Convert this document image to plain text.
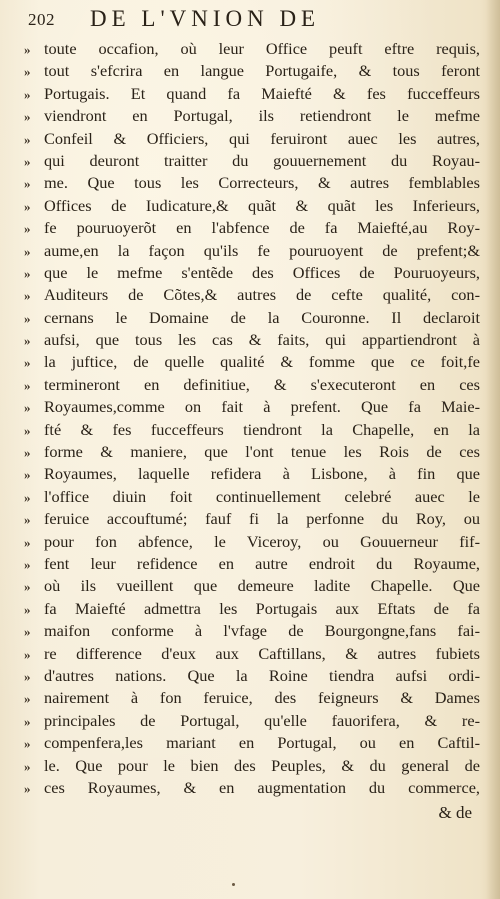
202 DE L'VNION DE
» toute occafion, où leur Office peuft eftre requis,
» tout s'efcrira en langue Portugaife, & tous feront
» Portugais. Et quand fa Maiefté & fes fucceffeurs
» viendront en Portugal, ils retiendront le mefme
» Confeil & Officiers, qui feruiront auec les autres,
» qui deuront traitter du gouuernement du Royau-
» me. Que tous les Correcteurs, & autres femblables
» Offices de Iudicature,& quãt & quãt les Inferieurs,
» fe pouruoyerõt en l'abfence de fa Maiefté,au Roy-
» aume,en la façon qu'ils fe pouruoyent de prefent;&
» que le mefme s'entẽde des Offices de Pouruoyeurs,
» Auditeurs de Cõtes,& autres de cefte qualité, con-
» cernans le Domaine de la Couronne. Il declaroit
» aufsi, que tous les cas & faits, qui appartiendront à
» la juftice, de quelle qualité & fomme que ce foit,fe
» termineront en definitiue, & s'executeront en ces
» Royaumes,comme on fait à prefent. Que fa Maie-
» fté & fes fucceffeurs tiendront la Chapelle, en la
» forme & maniere, que l'ont tenue les Rois de ces
» Royaumes, laquelle refidera à Lisbone, à fin que
» l'office diuin foit continuellement celebré auec le
» feruice accouftumé; fauf fi la perfonne du Roy, ou
» pour fon abfence, le Viceroy, ou Gouuerneur fif-
» fent leur refidence en autre endroit du Royaume,
» où ils vueillent que demeure ladite Chapelle. Que
» fa Maiefté admettra les Portugais aux Eftats de fa
» maifon conforme à l'vfage de Bourgongne,fans fai-
» re difference d'eux aux Caftillans, & autres fubiets
» d'autres nations. Que la Roine tiendra aufsi ordi-
» nairement à fon feruice, des feigneurs & Dames
» principales de Portugal, qu'elle fauorifera, & re-
» compenfera,les mariant en Portugal, ou en Caftil-
» le. Que pour le bien des Peuples, & du general de
» ces Royaumes, & en augmentation du commerce,
& de
